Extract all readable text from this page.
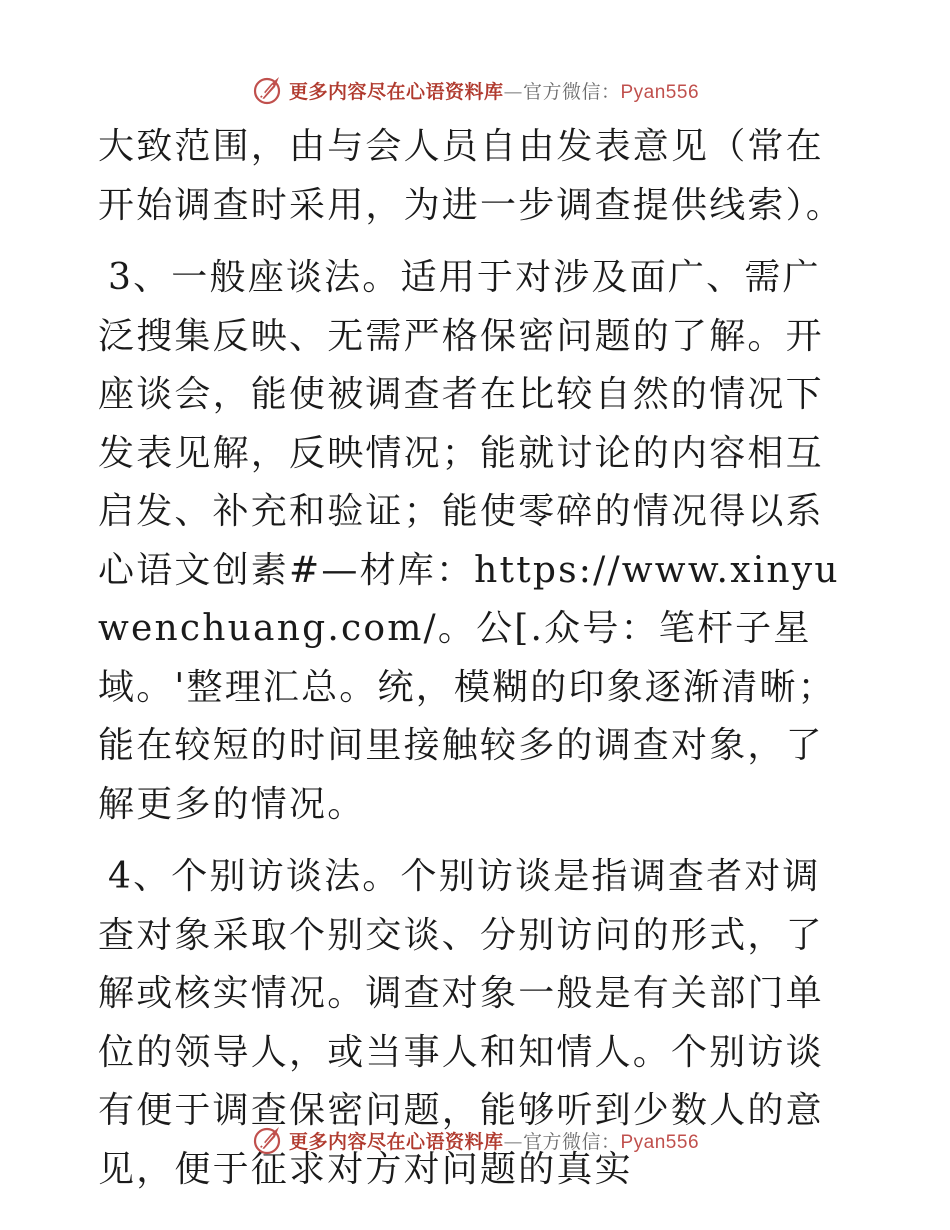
更多内容尽在心语资料库—官方微信：Pyan556

大致范围，由与会人员自由发表意见（常在开始调查时采用，为进一步调查提供线索）。

3、一般座谈法。适用于对涉及面广、需广泛搜集反映、无需严格保密问题的了解。开座谈会，能使被调查者在比较自然的情况下发表见解，反映情况；能就讨论的内容相互启发、补充和验证；能使零碎的情况得以系心语文创素#—材库：https://www.xinyuwenchuang.com/。公[.众号：笔杆子星域。'整理汇总。统，模糊的印象逐渐清晰；能在较短的时间里接触较多的调查对象，了解更多的情况。

4、个别访谈法。个别访谈是指调查者对调查对象采取个别交谈、分别访问的形式，了解或核实情况。调查对象一般是有关部门单位的领导人，或当事人和知情人。个别访谈有便于调查保密问题，能够听到少数人的意见，便于征求对方对问题的真实

更多内容尽在心语资料库—官方微信：Pyan556
